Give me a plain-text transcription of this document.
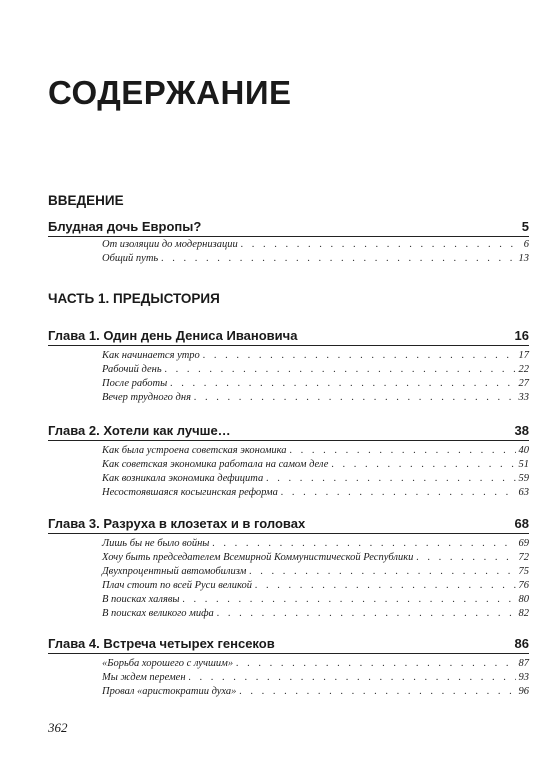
СОДЕРЖАНИЕ
ВВЕДЕНИЕ
Блудная дочь Европы?	5
От изоляции до модернизации . . .	6
Общий путь . . .	13
ЧАСТЬ 1. ПРЕДЫСТОРИЯ
Глава 1. Один день Дениса Ивановича	16
Как начинается утро . . .	17
Рабочий день . . .	22
После работы . . .	27
Вечер трудного дня . . .	33
Глава 2. Хотели как лучше…	38
Как была устроена советская экономика . . .	40
Как советская экономика работала на самом деле . . .	51
Как возникала экономика дефицита . . .	59
Несостоявшаяся косыгинская реформа . . .	63
Глава 3. Разруха в клозетах и в головах	68
Лишь бы не было войны . . .	69
Хочу быть председателем Всемирной Коммунистической Республики . . .	72
Двухпроцентный автомобилизм . . .	75
Плач стоит по всей Руси великой . . .	76
В поисках халявы . . .	80
В поисках великого мифа . . .	82
Глава 4. Встреча четырех генсеков	86
«Борьба хорошего с лучшим» . . .	87
Мы ждем перемен . . .	93
Провал «аристократии духа» . . .	96
362
